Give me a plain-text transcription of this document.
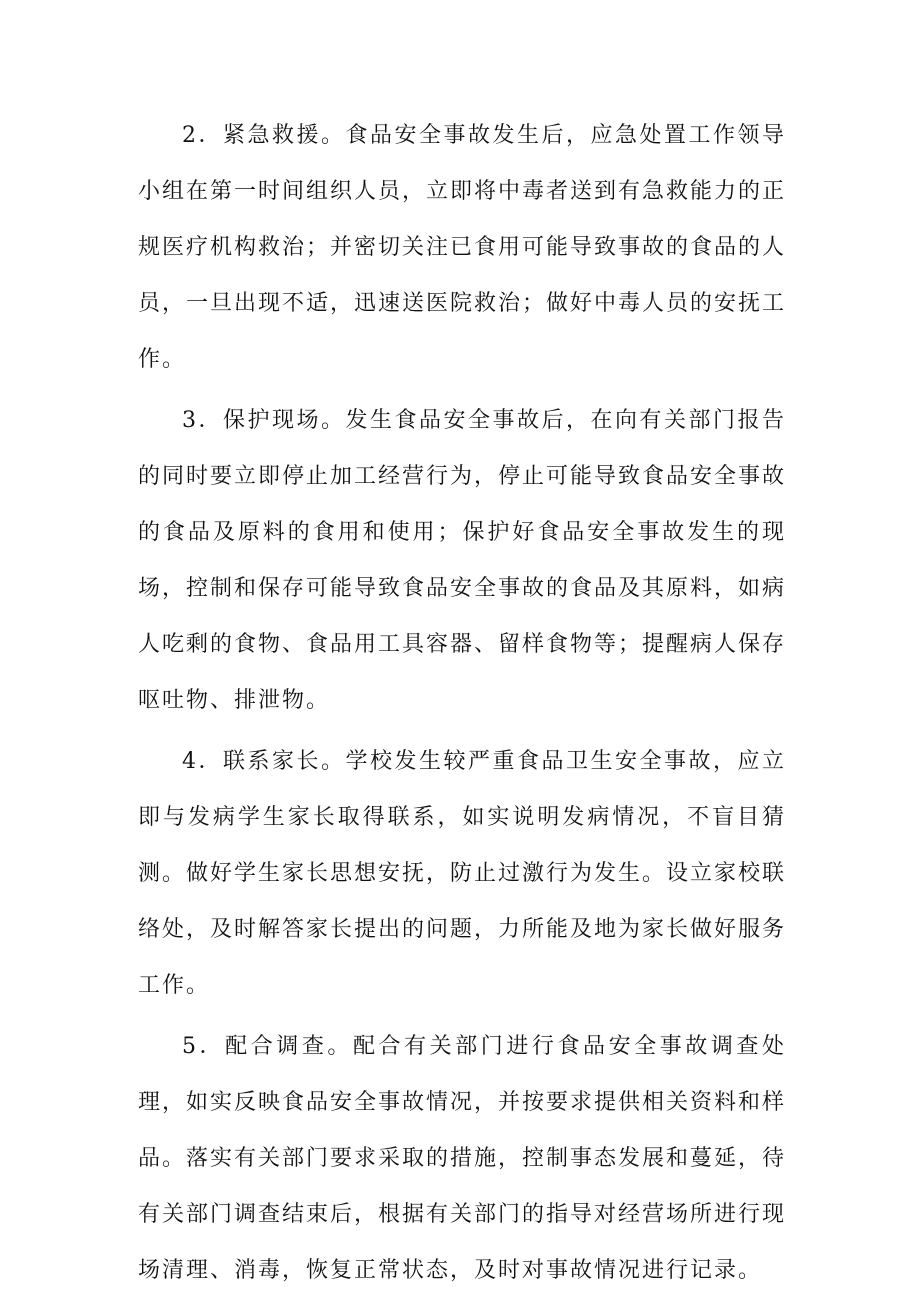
2．紧急救援。食品安全事故发生后，应急处置工作领导小组在第一时间组织人员，立即将中毒者送到有急救能力的正规医疗机构救治；并密切关注已食用可能导致事故的食品的人员，一旦出现不适，迅速送医院救治；做好中毒人员的安抚工作。

3．保护现场。发生食品安全事故后，在向有关部门报告的同时要立即停止加工经营行为，停止可能导致食品安全事故的食品及原料的食用和使用；保护好食品安全事故发生的现场，控制和保存可能导致食品安全事故的食品及其原料，如病人吃剩的食物、食品用工具容器、留样食物等；提醒病人保存呕吐物、排泄物。

4．联系家长。学校发生较严重食品卫生安全事故，应立即与发病学生家长取得联系，如实说明发病情况，不盲目猜测。做好学生家长思想安抚，防止过激行为发生。设立家校联络处，及时解答家长提出的问题，力所能及地为家长做好服务工作。

5．配合调查。配合有关部门进行食品安全事故调查处理，如实反映食品安全事故情况，并按要求提供相关资料和样品。落实有关部门要求采取的措施，控制事态发展和蔓延，待有关部门调查结束后，根据有关部门的指导对经营场所进行现场清理、消毒，恢复正常状态，及时对事故情况进行记录。
